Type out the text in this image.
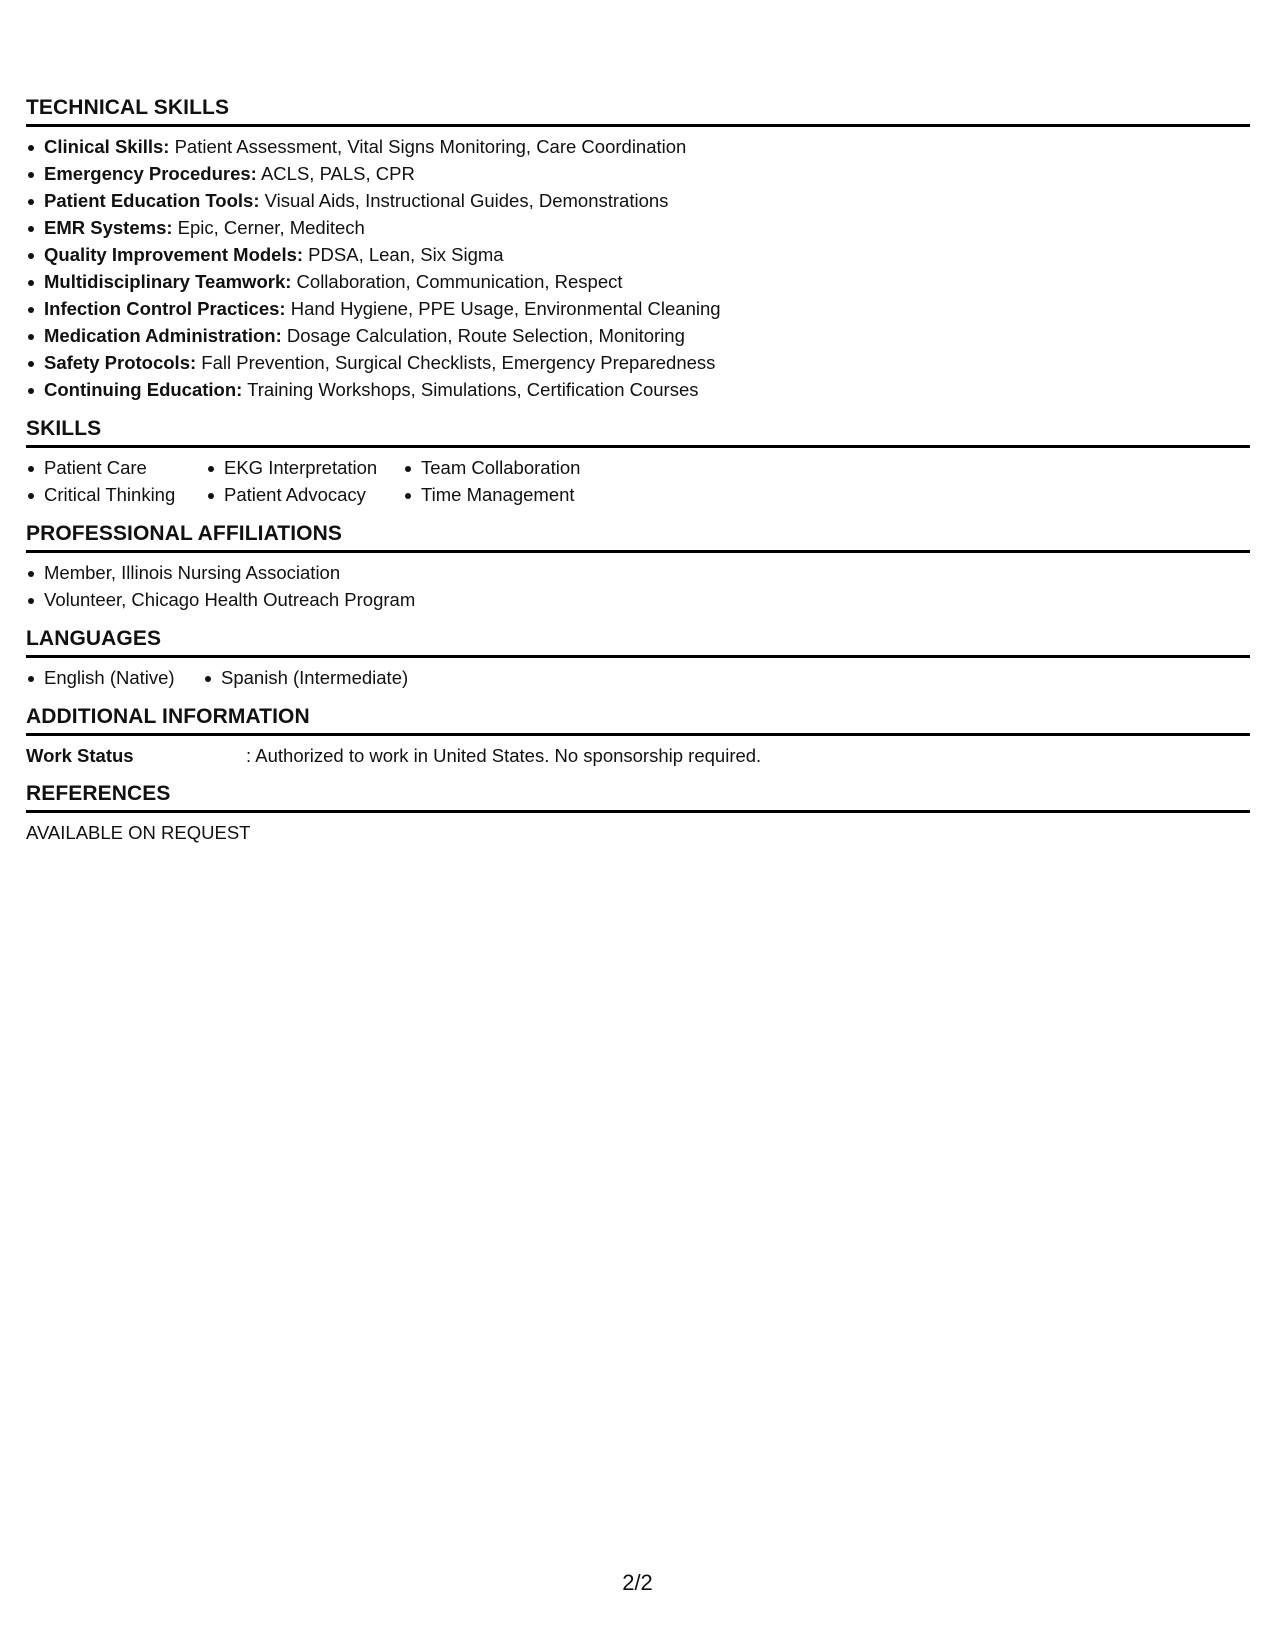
TECHNICAL SKILLS
Clinical Skills: Patient Assessment, Vital Signs Monitoring, Care Coordination
Emergency Procedures: ACLS, PALS, CPR
Patient Education Tools: Visual Aids, Instructional Guides, Demonstrations
EMR Systems: Epic, Cerner, Meditech
Quality Improvement Models: PDSA, Lean, Six Sigma
Multidisciplinary Teamwork: Collaboration, Communication, Respect
Infection Control Practices: Hand Hygiene, PPE Usage, Environmental Cleaning
Medication Administration: Dosage Calculation, Route Selection, Monitoring
Safety Protocols: Fall Prevention, Surgical Checklists, Emergency Preparedness
Continuing Education: Training Workshops, Simulations, Certification Courses
SKILLS
Patient Care	EKG Interpretation	Team Collaboration
Critical Thinking	Patient Advocacy	Time Management
PROFESSIONAL AFFILIATIONS
Member, Illinois Nursing Association
Volunteer, Chicago Health Outreach Program
LANGUAGES
English (Native)	Spanish (Intermediate)
ADDITIONAL INFORMATION
Work Status	: Authorized to work in United States. No sponsorship required.
REFERENCES
AVAILABLE ON REQUEST
2/2
